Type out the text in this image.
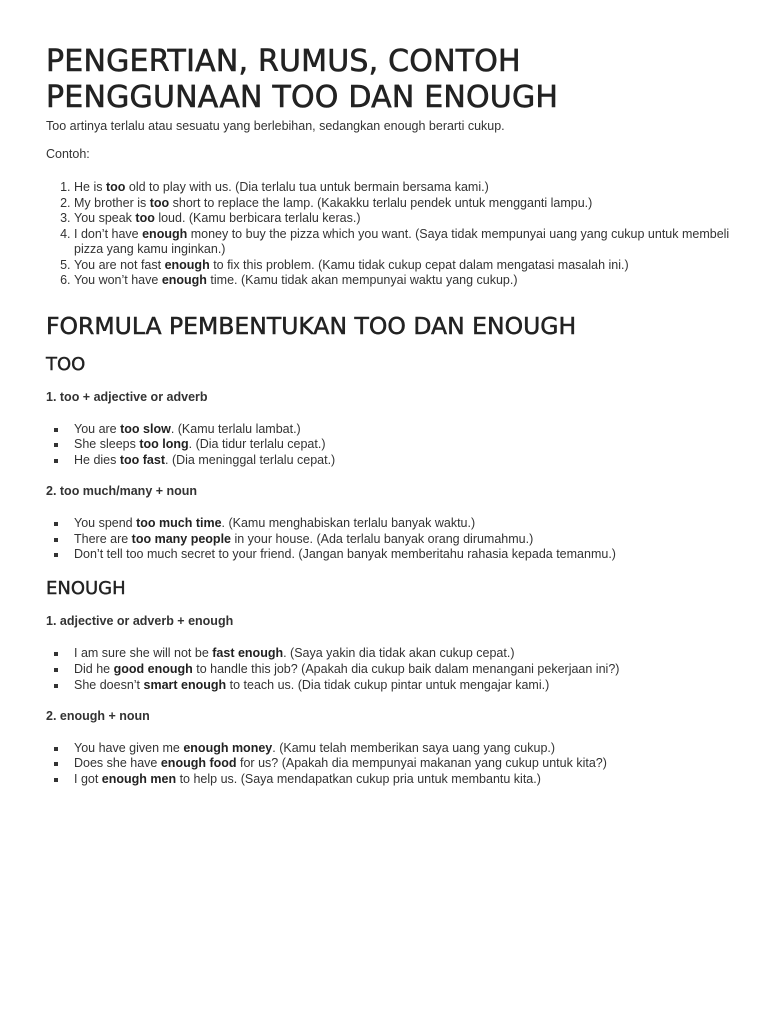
PENGERTIAN, RUMUS, CONTOH PENGGUNAAN TOO DAN ENOUGH

Too artinya terlalu atau sesuatu yang berlebihan, sedangkan enough berarti cukup.

Contoh:

1. He is too old to play with us. (Dia terlalu tua untuk bermain bersama kami.)
2. My brother is too short to replace the lamp. (Kakakku terlalu pendek untuk mengganti lampu.)
3. You speak too loud. (Kamu berbicara terlalu keras.)
4. I don’t have enough money to buy the pizza which you want. (Saya tidak mempunyai uang yang cukup untuk membeli pizza yang kamu inginkan.)
5. You are not fast enough to fix this problem. (Kamu tidak cukup cepat dalam mengatasi masalah ini.)
6. You won’t have enough time. (Kamu tidak akan mempunyai waktu yang cukup.)
FORMULA PEMBENTUKAN TOO DAN ENOUGH
TOO
1. too + adjective or adverb
You are too slow. (Kamu terlalu lambat.)
She sleeps too long. (Dia tidur terlalu cepat.)
He dies too fast. (Dia meninggal terlalu cepat.)
2. too much/many + noun
You spend too much time. (Kamu menghabiskan terlalu banyak waktu.)
There are too many people in your house. (Ada terlalu banyak orang dirumahmu.)
Don’t tell too much secret to your friend. (Jangan banyak memberitahu rahasia kepada temanmu.)
ENOUGH
1. adjective or adverb + enough
I am sure she will not be fast enough. (Saya yakin dia tidak akan cukup cepat.)
Did he good enough to handle this job? (Apakah dia cukup baik dalam menangani pekerjaan ini?)
She doesn’t smart enough to teach us. (Dia tidak cukup pintar untuk mengajar kami.)
2. enough + noun
You have given me enough money. (Kamu telah memberikan saya uang yang cukup.)
Does she have enough food for us? (Apakah dia mempunyai makanan yang cukup untuk kita?)
I got enough men to help us. (Saya mendapatkan cukup pria untuk membantu kita.)
